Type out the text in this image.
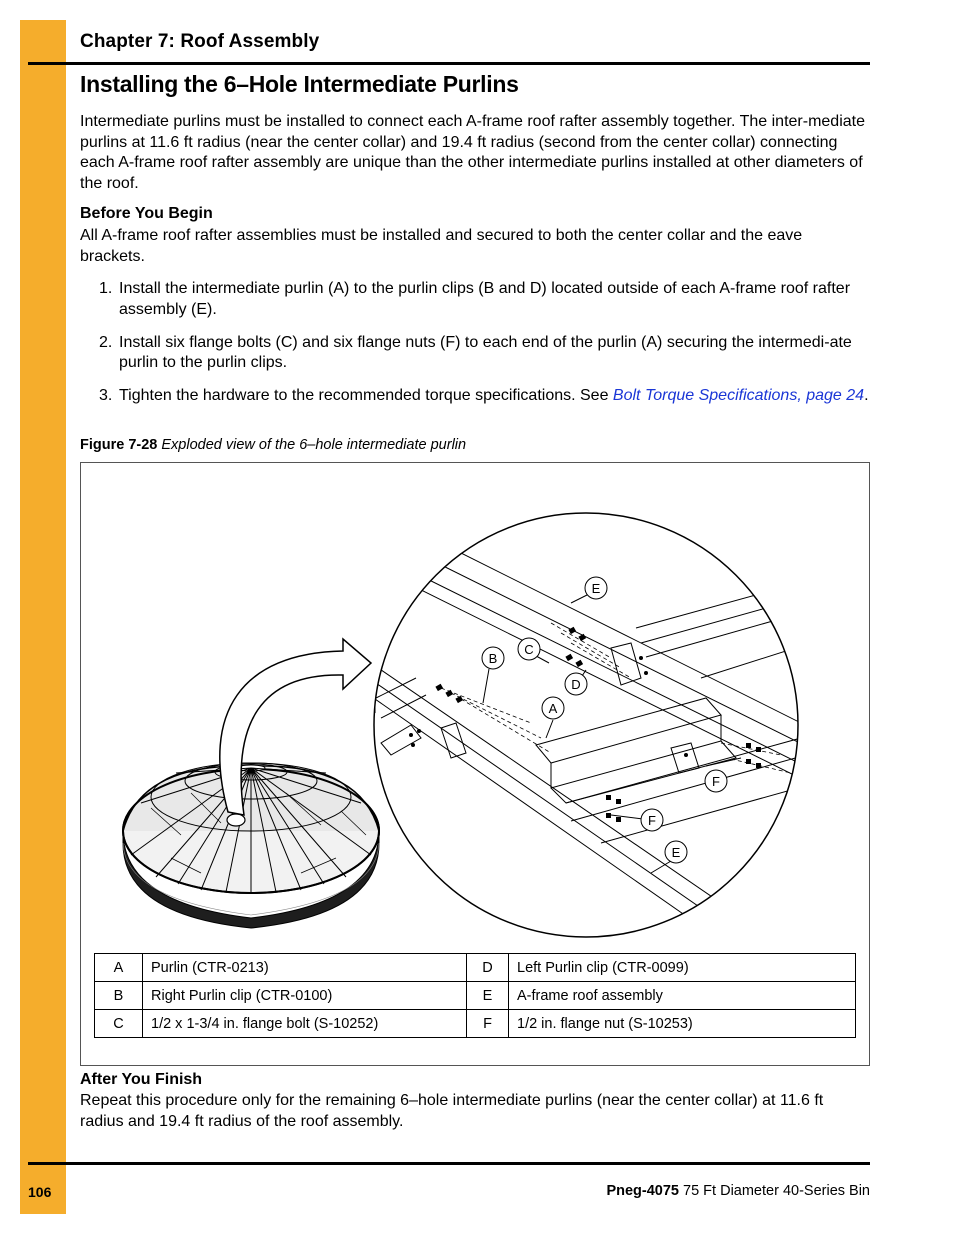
Chapter 7: Roof Assembly
Installing the 6–Hole Intermediate Purlins

Intermediate purlins must be installed to connect each A-frame roof rafter assembly together. The inter-mediate purlins at 11.6 ft radius (near the center collar) and 19.4 ft radius (second from the center collar) connecting each A-frame roof rafter assembly are unique than the other intermediate purlins installed at other diameters of the roof.

Before You Begin

All A-frame roof rafter assemblies must be installed and secured to both the center collar and the eave brackets.

1. Install the intermediate purlin (A) to the purlin clips (B and D) located outside of each A-frame roof rafter assembly (E).
2. Install six flange bolts (C) and six flange nuts (F) to each end of the purlin (A) securing the intermedi-ate purlin to the purlin clips.
3. Tighten the hardware to the recommended torque specifications. See Bolt Torque Specifications, page 24.
Figure 7-28 Exploded view of the 6–hole intermediate purlin
E
C
B
D
A
F
F
E
A	Purlin (CTR-0213)	D	Left Purlin clip (CTR-0099)
B	Right Purlin clip (CTR-0100)	E	A-frame roof assembly
C	1/2 x 1-3/4 in. flange bolt (S-10252)	F	1/2 in. flange nut (S-10253)
After You Finish

Repeat this procedure only for the remaining 6–hole intermediate purlins (near the center collar) at 11.6 ft radius and 19.4 ft radius of the roof assembly.

106	Pneg-4075 75 Ft Diameter 40-Series Bin
